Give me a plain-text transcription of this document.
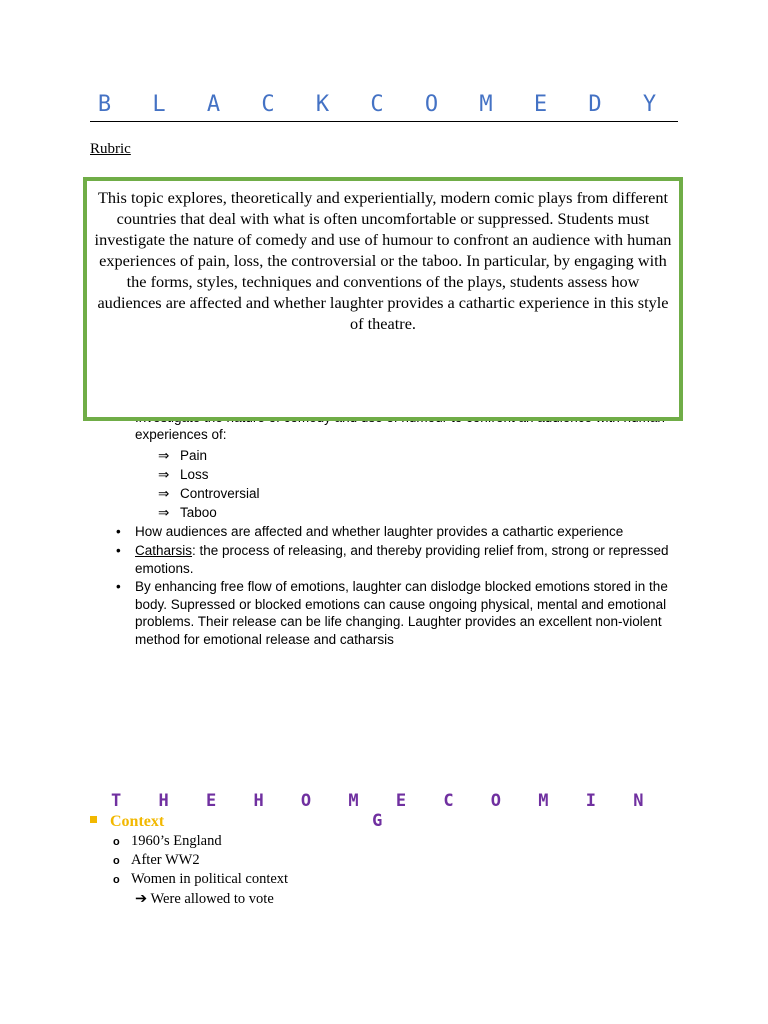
B L A C K C O M E D Y
Rubric
experiences of:
This topic explores, theoretically and experientially, modern comic plays from different countries that deal with what is often uncomfortable or suppressed. Students must investigate the nature of comedy and use of humour to confront an audience with human experiences of pain, loss, the controversial or the taboo. In particular, by engaging with the forms, styles, techniques and conventions of the plays, students assess how audiences are affected and whether laughter provides a cathartic experience in this style of theatre.
⇒ Pain
⇒ Loss
⇒ Controversial
⇒ Taboo
• How audiences are affected and whether laughter provides a cathartic experience
• Catharsis: the process of releasing, and thereby providing relief from, strong or repressed emotions.
• By enhancing free flow of emotions, laughter can dislodge blocked emotions stored in the body. Supressed or blocked emotions can cause ongoing physical, mental and emotional problems. Their release can be life changing. Laughter provides an excellent non-violent method for emotional release and catharsis
T H E H O M E C O M I N G
Context
o 1960’s England
o After WW2
o Women in political context
➔ Were allowed to vote
